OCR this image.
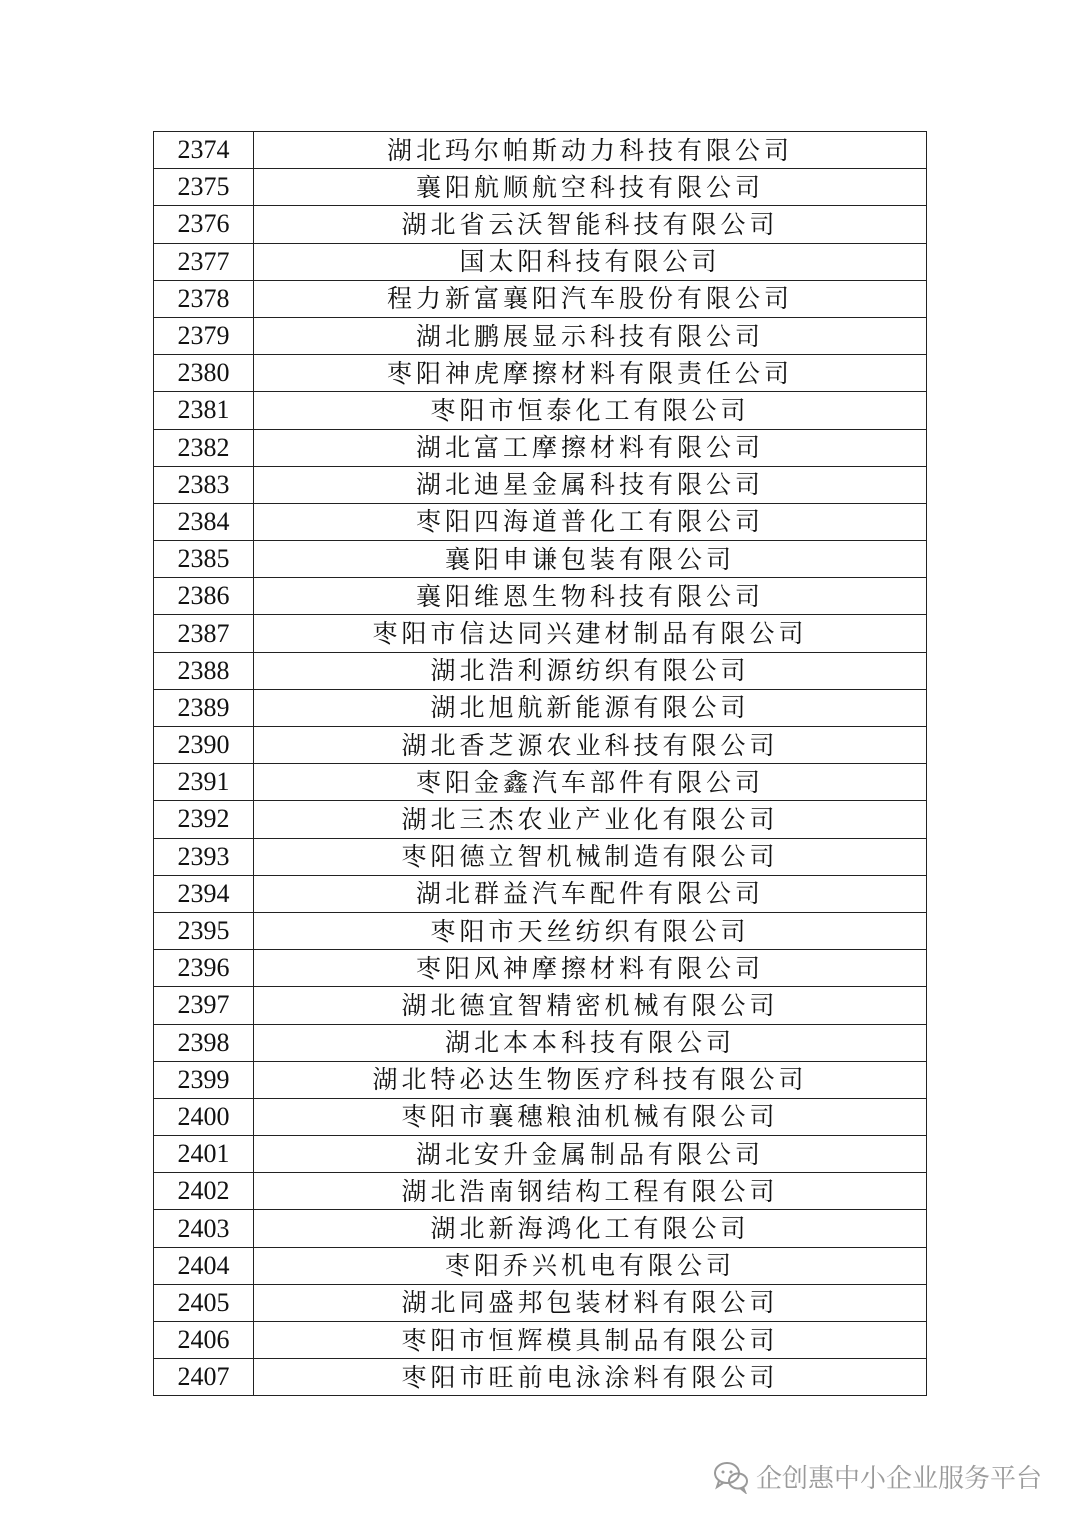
2374	湖北玛尔帕斯动力科技有限公司
2375	襄阳航顺航空科技有限公司
2376	湖北省云沃智能科技有限公司
2377	国太阳科技有限公司
2378	程力新富襄阳汽车股份有限公司
2379	湖北鹏展显示科技有限公司
2380	枣阳神虎摩擦材料有限责任公司
2381	枣阳市恒泰化工有限公司
2382	湖北富工摩擦材料有限公司
2383	湖北迪星金属科技有限公司
2384	枣阳四海道普化工有限公司
2385	襄阳申谦包装有限公司
2386	襄阳维恩生物科技有限公司
2387	枣阳市信达同兴建材制品有限公司
2388	湖北浩利源纺织有限公司
2389	湖北旭航新能源有限公司
2390	湖北香芝源农业科技有限公司
2391	枣阳金鑫汽车部件有限公司
2392	湖北三杰农业产业化有限公司
2393	枣阳德立智机械制造有限公司
2394	湖北群益汽车配件有限公司
2395	枣阳市天丝纺织有限公司
2396	枣阳风神摩擦材料有限公司
2397	湖北德宜智精密机械有限公司
2398	湖北本本科技有限公司
2399	湖北特必达生物医疗科技有限公司
2400	枣阳市襄穗粮油机械有限公司
2401	湖北安升金属制品有限公司
2402	湖北浩南钢结构工程有限公司
2403	湖北新海鸿化工有限公司
2404	枣阳乔兴机电有限公司
2405	湖北同盛邦包装材料有限公司
2406	枣阳市恒辉模具制品有限公司
2407	枣阳市旺前电泳涂料有限公司
企创惠中小企业服务平台
